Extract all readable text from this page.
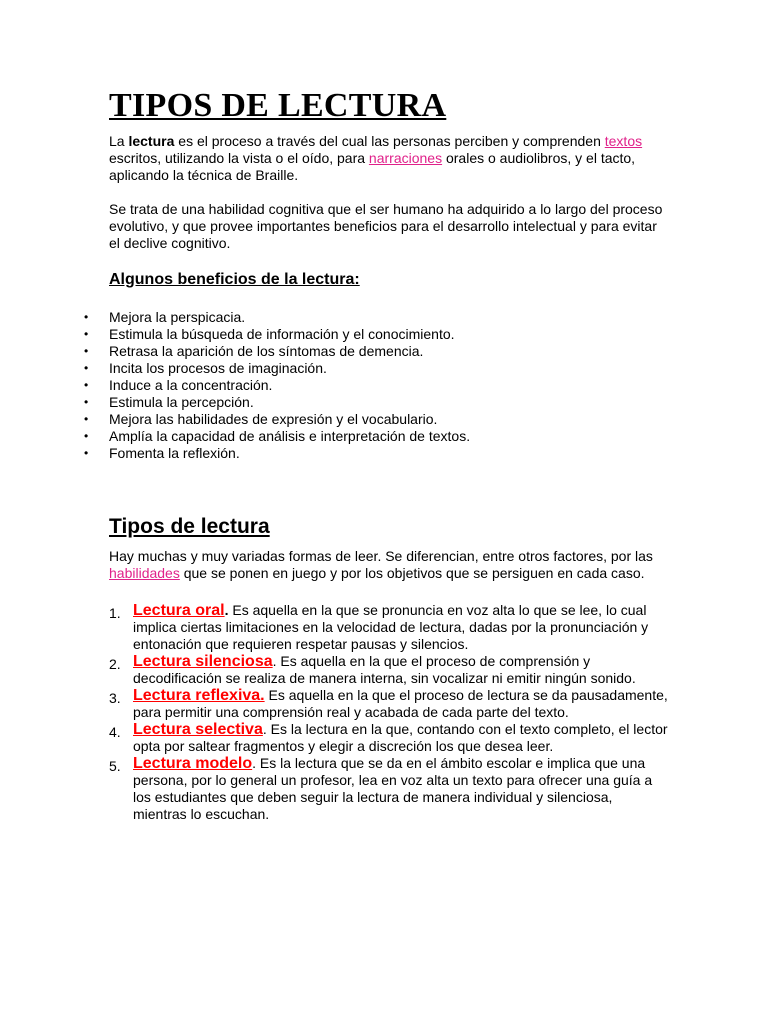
TIPOS DE LECTURA

La lectura es el proceso a través del cual las personas perciben y comprenden textos escritos, utilizando la vista o el oído, para narraciones orales o audiolibros, y el tacto, aplicando la técnica de Braille.

Se trata de una habilidad cognitiva que el ser humano ha adquirido a lo largo del proceso evolutivo, y que provee importantes beneficios para el desarrollo intelectual y para evitar el declive cognitivo.

Algunos beneficios de la lectura:
• Mejora la perspicacia.
• Estimula la búsqueda de información y el conocimiento.
• Retrasa la aparición de los síntomas de demencia.
• Incita los procesos de imaginación.
• Induce a la concentración.
• Estimula la percepción.
• Mejora las habilidades de expresión y el vocabulario.
• Amplía la capacidad de análisis e interpretación de textos.
• Fomenta la reflexión.
Tipos de lectura

Hay muchas y muy variadas formas de leer. Se diferencian, entre otros factores, por las habilidades que se ponen en juego y por los objetivos que se persiguen en cada caso.

1. Lectura oral. Es aquella en la que se pronuncia en voz alta lo que se lee, lo cual implica ciertas limitaciones en la velocidad de lectura, dadas por la pronunciación y entonación que requieren respetar pausas y silencios.
2. Lectura silenciosa. Es aquella en la que el proceso de comprensión y decodificación se realiza de manera interna, sin vocalizar ni emitir ningún sonido.
3. Lectura reflexiva. Es aquella en la que el proceso de lectura se da pausadamente, para permitir una comprensión real y acabada de cada parte del texto.
4. Lectura selectiva. Es la lectura en la que, contando con el texto completo, el lector opta por saltear fragmentos y elegir a discreción los que desea leer.
5. Lectura modelo. Es la lectura que se da en el ámbito escolar e implica que una persona, por lo general un profesor, lea en voz alta un texto para ofrecer una guía a los estudiantes que deben seguir la lectura de manera individual y silenciosa, mientras lo escuchan.
